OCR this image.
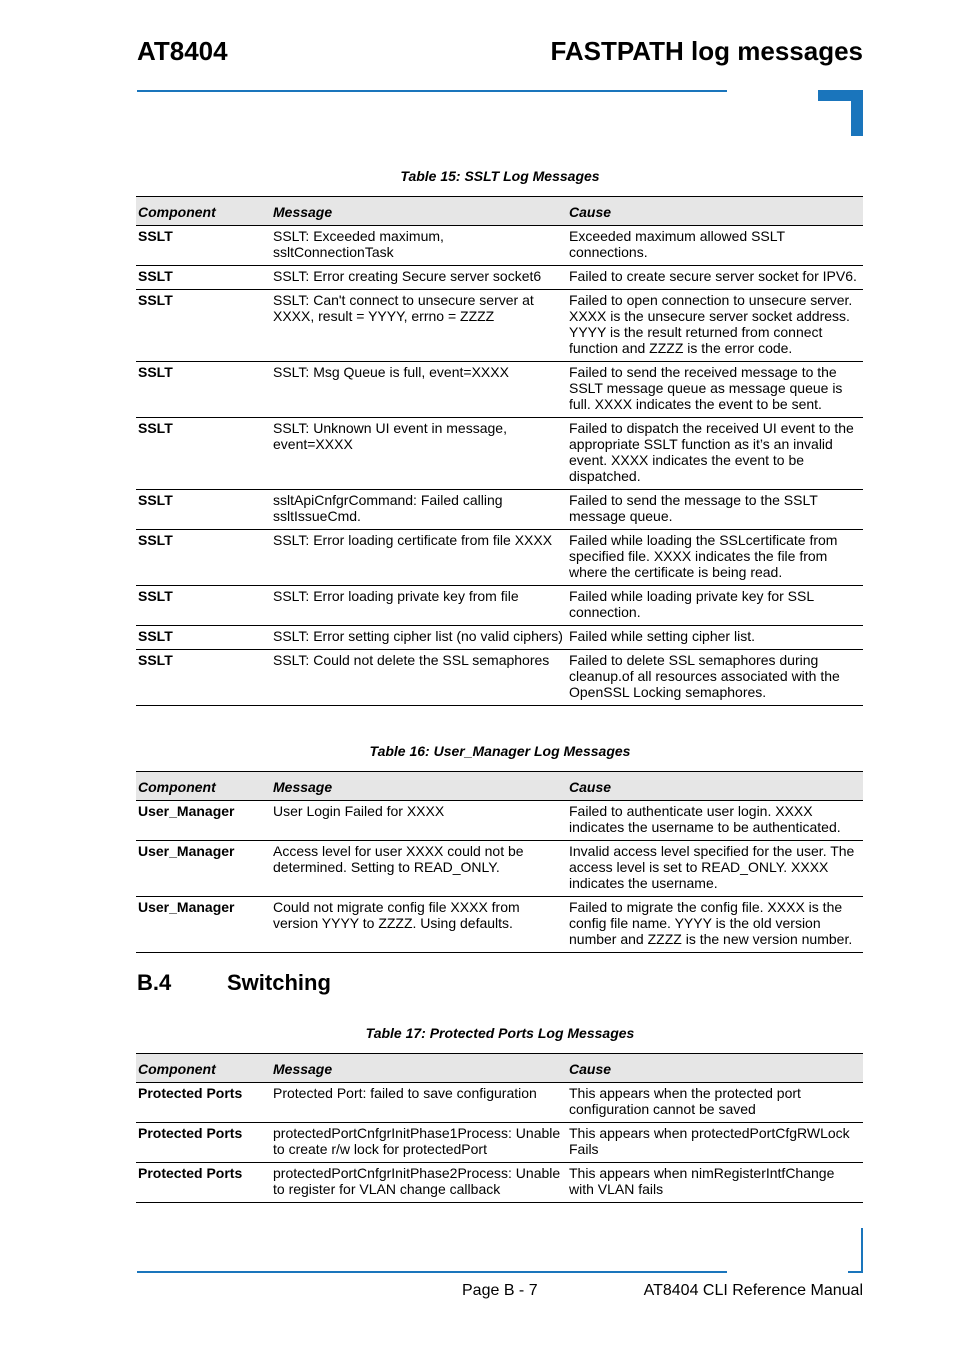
AT8404	FASTPATH log messages
Table 15: SSLT Log Messages
Component	Message	Cause
SSLT	SSLT: Exceeded maximum, ssltConnectionTask	Exceeded maximum allowed SSLT connections.
SSLT	SSLT: Error creating Secure server socket6	Failed to create secure server socket for IPV6.
SSLT	SSLT: Can't connect to unsecure server at XXXX, result = YYYY, errno = ZZZZ	Failed to open connection to unsecure server. XXXX is the unsecure server socket address. YYYY is the result returned from connect function and ZZZZ is the error code.
SSLT	SSLT: Msg Queue is full, event=XXXX	Failed to send the received message to the SSLT message queue as message queue is full. XXXX indicates the event to be sent.
SSLT	SSLT: Unknown UI event in message, event=XXXX	Failed to dispatch the received UI event to the appropriate SSLT function as it’s an invalid event. XXXX indicates the event to be dispatched.
SSLT	ssltApiCnfgrCommand: Failed calling ssltIssueCmd.	Failed to send the message to the SSLT message queue.
SSLT	SSLT: Error loading certificate from file XXXX	Failed while loading the SSLcertificate from specified file. XXXX indicates the file from where the certificate is being read.
SSLT	SSLT: Error loading private key from file	Failed while loading private key for SSL connection.
SSLT	SSLT: Error setting cipher list (no valid ciphers)	Failed while setting cipher list.
SSLT	SSLT: Could not delete the SSL semaphores	Failed to delete SSL semaphores during cleanup.of all resources associated with the OpenSSL Locking semaphores.
Table 16: User_Manager Log Messages
Component	Message	Cause
User_Manager	User Login Failed for XXXX	Failed to authenticate user login. XXXX indicates the username to be authenticated.
User_Manager	Access level for user XXXX could not be determined. Setting to READ_ONLY.	Invalid access level specified for the user. The access level is set to READ_ONLY. XXXX indicates the username.
User_Manager	Could not migrate config file XXXX from version YYYY to ZZZZ. Using defaults.	Failed to migrate the config file. XXXX is the config file name. YYYY is the old version number and ZZZZ is the new version number.
B.4	Switching
Table 17: Protected Ports Log Messages
Component	Message	Cause
Protected Ports	Protected Port: failed to save configuration	This appears when the protected port configuration cannot be saved
Protected Ports	protectedPortCnfgrInitPhase1Process: Unable to create r/w lock for protectedPort	This appears when protectedPortCfgRWLock Fails
Protected Ports	protectedPortCnfgrInitPhase2Process: Unable to register for VLAN change callback	This appears when nimRegisterIntfChange with VLAN fails
Page B - 7	AT8404 CLI Reference Manual
